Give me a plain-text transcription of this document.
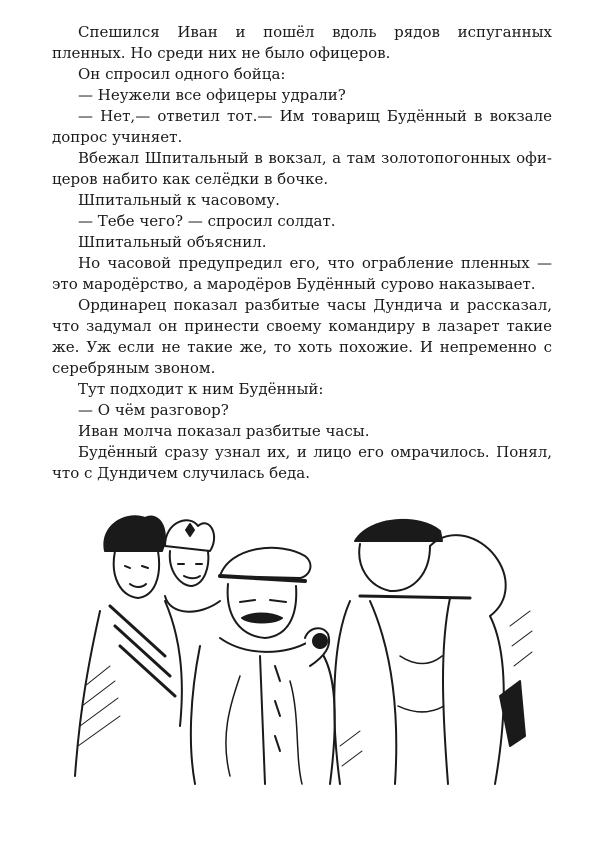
Спешился Иван и пошёл вдоль рядов испуганных пленных. Но среди них не было офицеров.

Он спросил одного бойца:

— Неужели все офицеры удрали?

— Нет,— ответил тот.— Им товарищ Будённый в вокзале допрос учиняет.

Вбежал Шпитальный в вокзал, а там золотопогонных офицеров набито как селёдки в бочке.

Шпитальный к часовому.

— Тебе чего? — спросил солдат.

Шпитальный объяснил.

Но часовой предупредил его, что ограбление пленных — это мародёрство, а мародёров Будённый сурово наказывает.

Ординарец показал разбитые часы Дундича и рассказал, что задумал он принести своему командиру в лазарет такие же. Уж если не такие же, то хоть похожие. И непременно с серебряным звоном.

Тут подходит к ним Будённый:

— О чём разговор?

Иван молча показал разбитые часы.

Будённый сразу узнал их, и лицо его омрачилось. Понял, что с Дундичем случилась беда.
